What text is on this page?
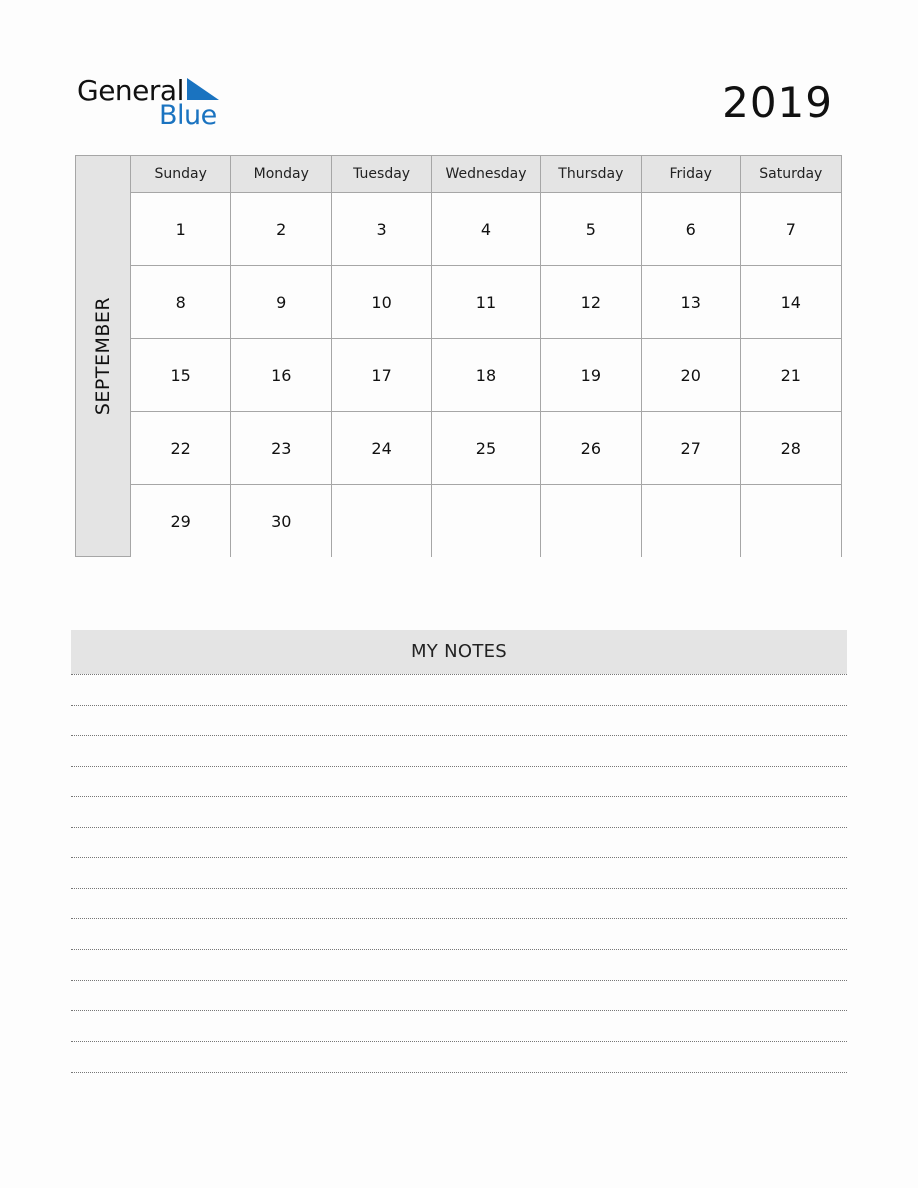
General
Blue	2019
SEPTEMBER
Sunday	Monday	Tuesday	Wednesday	Thursday	Friday	Saturday
1	2	3	4	5	6	7
8	9	10	11	12	13	14
15	16	17	18	19	20	21
22	23	24	25	26	27	28
29	30					
MY NOTES
